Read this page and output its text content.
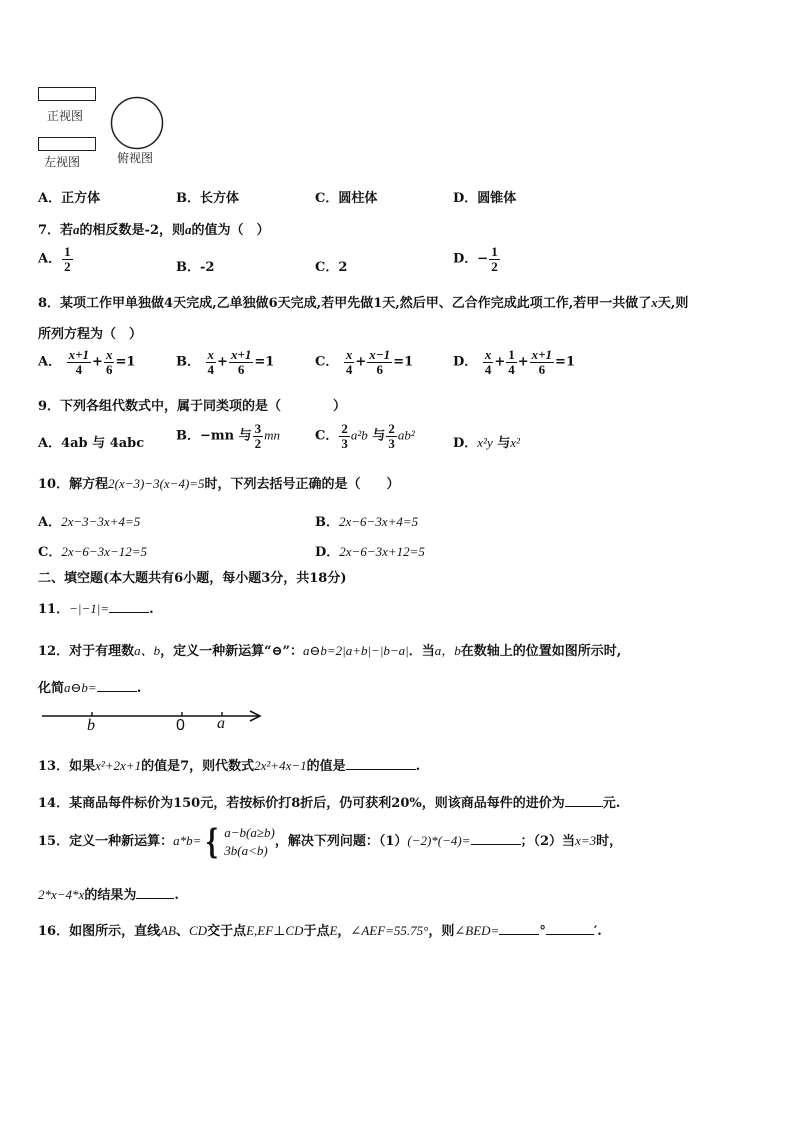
正视图
左视图	俯视图
A．正方体	B．长方体	C．圆柱体	D．圆锥体
7．若a的相反数是-2，则a的值为（　）
A． $\frac{1}{2}$	B．-2	C．2
D．− $\frac{1}{2}$
8．某项工作甲单独做4天完成,乙单独做6天完成,若甲先做1天,然后甲、乙合作完成此项工作,若甲一共做了x天,则
所列方程为（　）
A． $\frac{x+1}{4} + \frac{x}{6} =1$	B． $\frac{x}{4} + \frac{x+1}{6} =1$	C． $\frac{x}{4} + \frac{x-1}{6} =1$	D． $\frac{x}{4} + \frac{1}{4} + \frac{x+1}{6} =1$
9．下列各组代数式中，属于同类项的是（　　　　）
A．4ab 与 4abc B．−mn 与 $\frac{3}{2}$ mn	C． $\frac{2}{3} a^2b$ 与 $\frac{2}{3} ab^2$
D．x²y 与x²
10．解方程2(x−3)−3(x−4)=5时，下列去括号正确的是（　　）
A．2x−3−3x+4=5	B．2x−6−3x+4=5
C．2x−6−3x−12=5	D．2x−6−3x+12=5
二、填空题(本大题共有6小题，每小题3分，共18分)
11．−|−1|=	.
12．对于有理数a、b，定义一种新运算“⊖”：a⊖b=2|a+b|−|b−a|．当a，b在数轴上的位置如图所示时,
化简a⊖b=	.
b	0 a
13．如果x²+2x+1的值是7，则代数式2x²+4x−1的值是	.
14．某商品每件标价为150元，若按标价打8折后，仍可获利20%，则该商品每件的进价为	元.
15．定义一种新运算：a*b= { a−b(a≥b)
3b(a<b)
，解决下列问题：（1）(−2)*(−4)=	；（2）当x=3时，
2*x−4*x的结果为	.
16．如图所示，直线AB、CD交于点E,EF⊥CD于点E，∠AEF=55.75°，则∠BED=	°	′.
